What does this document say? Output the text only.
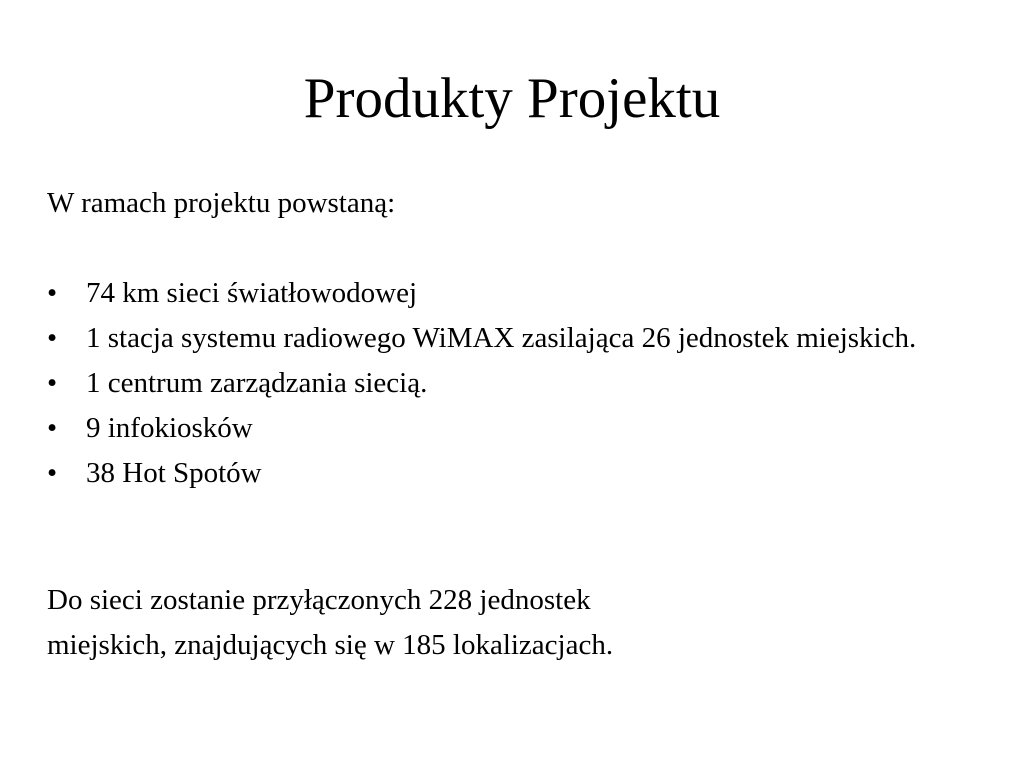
Produkty Projektu

W ramach projektu powstaną:

• 74 km sieci światłowodowej
• 1 stacja systemu radiowego WiMAX zasilająca 26 jednostek miejskich.
• 1 centrum zarządzania siecią.
• 9 infokiosków
• 38 Hot Spotów

Do sieci zostanie przyłączonych 228 jednostek

miejskich, znajdujących się w 185 lokalizacjach.
